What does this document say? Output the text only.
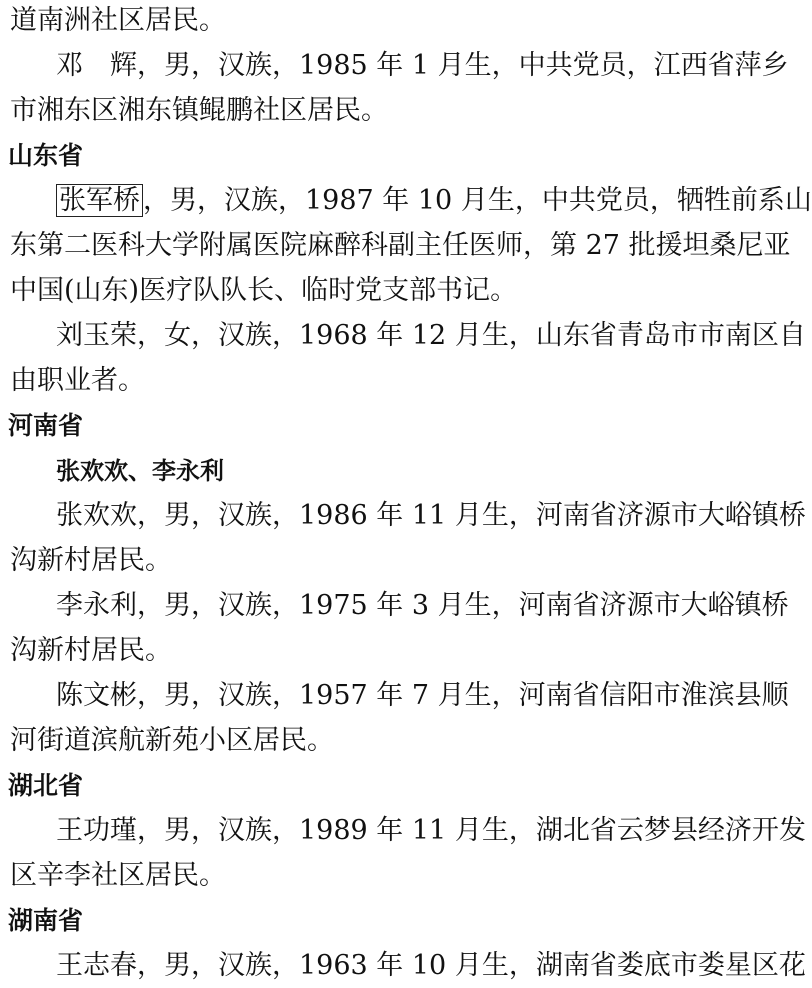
道南洲社区居民。
邓　辉，男，汉族，1985 年 1 月生，中共党员，江西省萍乡
市湘东区湘东镇鲲鹏社区居民。
山东省
张军桥 ，男，汉族，1987 年 10 月生，中共党员，牺牲前系山
东第二医科大学附属医院麻醉科副主任医师，第 27 批援坦桑尼亚
中国(山东)医疗队队长、临时党支部书记。
刘玉荣，女，汉族，1968 年 12 月生，山东省青岛市市南区自
由职业者。
河南省
张欢欢、李永利
张欢欢，男，汉族，1986 年 11 月生，河南省济源市大峪镇桥
沟新村居民。
李永利，男，汉族，1975 年 3 月生，河南省济源市大峪镇桥
沟新村居民。
陈文彬，男，汉族，1957 年 7 月生，河南省信阳市淮滨县顺
河街道滨航新苑小区居民。
湖北省
王功瑾，男，汉族，1989 年 11 月生，湖北省云梦县经济开发
区辛李社区居民。
湖南省
王志春，男，汉族，1963 年 10 月生，湖南省娄底市娄星区花
